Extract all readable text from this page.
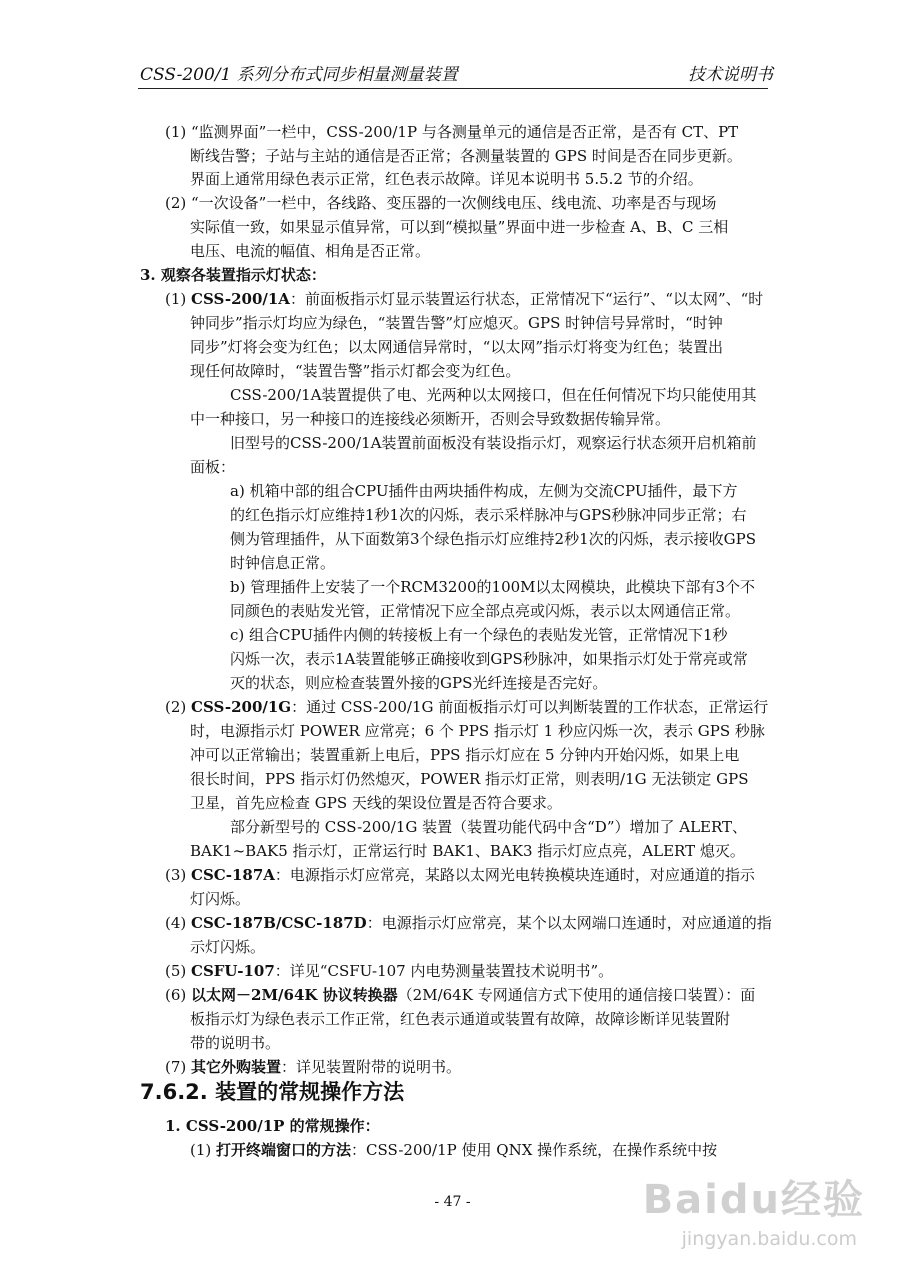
CSS-200/1 系列分布式同步相量测量装置	技术说明书
(1) “监测界面”一栏中，CSS-200/1P 与各测量单元的通信是否正常，是否有 CT、PT
断线告警；子站与主站的通信是否正常；各测量装置的 GPS 时间是否在同步更新。
界面上通常用绿色表示正常，红色表示故障。详见本说明书 5.5.2 节的介绍。
(2) “一次设备”一栏中，各线路、变压器的一次侧线电压、线电流、功率是否与现场
实际值一致，如果显示值异常，可以到“模拟量”界面中进一步检查 A、B、C 三相
电压、电流的幅值、相角是否正常。
3. 观察各装置指示灯状态：
(1) CSS-200/1A：前面板指示灯显示装置运行状态，正常情况下“运行”、“以太网”、“时
钟同步”指示灯均应为绿色，“装置告警”灯应熄灭。GPS 时钟信号异常时，“时钟
同步”灯将会变为红色；以太网通信异常时，“以太网”指示灯将变为红色；装置出
现任何故障时，“装置告警”指示灯都会变为红色。
CSS-200/1A装置提供了电、光两种以太网接口，但在任何情况下均只能使用其
中一种接口，另一种接口的连接线必须断开，否则会导致数据传输异常。
旧型号的CSS-200/1A装置前面板没有装设指示灯，观察运行状态须开启机箱前
面板：
a) 机箱中部的组合CPU插件由两块插件构成，左侧为交流CPU插件，最下方
的红色指示灯应维持1秒1次的闪烁，表示采样脉冲与GPS秒脉冲同步正常；右
侧为管理插件，从下面数第3个绿色指示灯应维持2秒1次的闪烁，表示接收GPS
时钟信息正常。
b) 管理插件上安装了一个RCM3200的100M以太网模块，此模块下部有3个不
同颜色的表贴发光管，正常情况下应全部点亮或闪烁，表示以太网通信正常。
c) 组合CPU插件内侧的转接板上有一个绿色的表贴发光管，正常情况下1秒
闪烁一次，表示1A装置能够正确接收到GPS秒脉冲，如果指示灯处于常亮或常
灭的状态，则应检查装置外接的GPS光纤连接是否完好。
(2) CSS-200/1G：通过 CSS-200/1G 前面板指示灯可以判断装置的工作状态，正常运行
时，电源指示灯 POWER 应常亮；6 个 PPS 指示灯 1 秒应闪烁一次，表示 GPS 秒脉
冲可以正常输出；装置重新上电后，PPS 指示灯应在 5 分钟内开始闪烁，如果上电
很长时间，PPS 指示灯仍然熄灭，POWER 指示灯正常，则表明/1G 无法锁定 GPS
卫星，首先应检查 GPS 天线的架设位置是否符合要求。
部分新型号的 CSS-200/1G 装置（装置功能代码中含“D”）增加了 ALERT、
BAK1~BAK5 指示灯，正常运行时 BAK1、BAK3 指示灯应点亮，ALERT 熄灭。
(3) CSC-187A：电源指示灯应常亮，某路以太网光电转换模块连通时，对应通道的指示
灯闪烁。
(4) CSC-187B/CSC-187D：电源指示灯应常亮，某个以太网端口连通时，对应通道的指
示灯闪烁。
(5) CSFU-107：详见“CSFU-107 内电势测量装置技术说明书”。
(6) 以太网－2M/64K 协议转换器（2M/64K 专网通信方式下使用的通信接口装置）：面
板指示灯为绿色表示工作正常，红色表示通道或装置有故障，故障诊断详见装置附
带的说明书。
(7) 其它外购装置：详见装置附带的说明书。
1. CSS-200/1P 的常规操作：
(1) 打开终端窗口的方法：CSS-200/1P 使用 QNX 操作系统，在操作系统中按
7.6.2. 装置的常规操作方法
- 47 -	Baidu经验
jingyan.baidu.com
